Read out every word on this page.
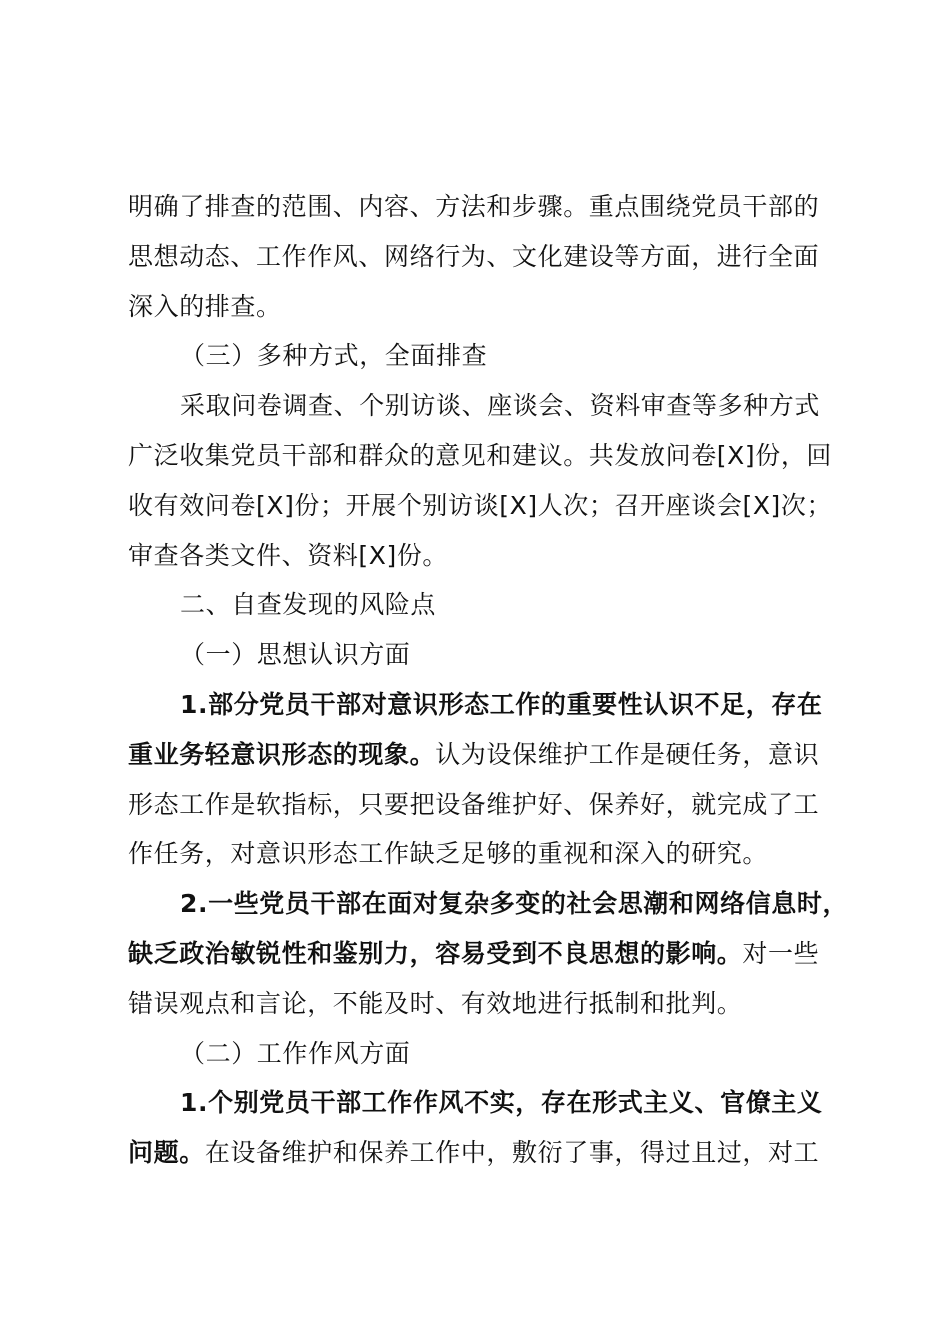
明确了排查的范围、内容、方法和步骤。重点围绕党员干部的
思想动态、工作作风、网络行为、文化建设等方面，进行全面
深入的排查。
（三）多种方式，全面排查
采取问卷调查、个别访谈、座谈会、资料审查等多种方式
广泛收集党员干部和群众的意见和建议。共发放问卷[X]份，回
收有效问卷[X]份；开展个别访谈[X]人次；召开座谈会[X]次；
审查各类文件、资料[X]份。
二、自查发现的风险点
（一）思想认识方面
1.部分党员干部对意识形态工作的重要性认识不足，存在
重业务轻意识形态的现象。认为设保维护工作是硬任务，意识
形态工作是软指标，只要把设备维护好、保养好，就完成了工
作任务，对意识形态工作缺乏足够的重视和深入的研究。
2.一些党员干部在面对复杂多变的社会思潮和网络信息时，
缺乏政治敏锐性和鉴别力，容易受到不良思想的影响。对一些
错误观点和言论，不能及时、有效地进行抵制和批判。
（二）工作作风方面
1.个别党员干部工作作风不实，存在形式主义、官僚主义
问题。在设备维护和保养工作中，敷衍了事，得过且过，对工
